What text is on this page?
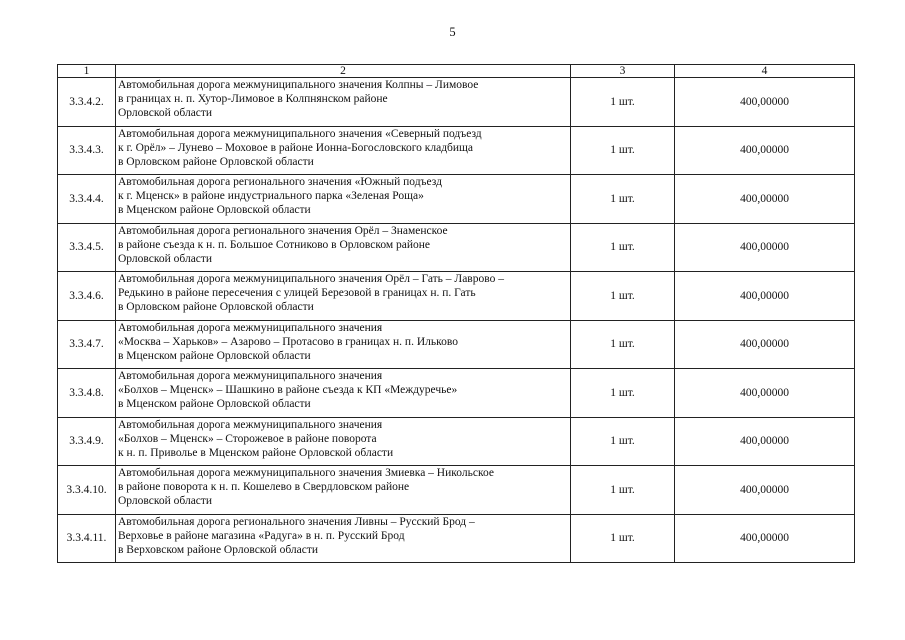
5
1	2	3	4
3.3.4.2.	Автомобильная дорога межмуниципального значения Колпны – Лимовое
в границах н. п. Хутор-Лимовое в Колпнянском районе
Орловской области	1 шт.	400,00000
3.3.4.3.	Автомобильная дорога межмуниципального значения «Северный подъезд
к г. Орёл» – Лунево – Моховое в районе Ионна-Богословского кладбища
в Орловском районе Орловской области	1 шт.	400,00000
3.3.4.4.	Автомобильная дорога регионального значения «Южный подъезд
к г. Мценск» в районе индустриального парка «Зеленая Роща»
в Мценском районе Орловской области	1 шт.	400,00000
3.3.4.5.	Автомобильная дорога регионального значения Орёл – Знаменское
в районе съезда к н. п. Большое Сотниково в Орловском районе
Орловской области	1 шт.	400,00000
3.3.4.6.	Автомобильная дорога межмуниципального значения Орёл – Гать – Лаврово –
Редькино в районе пересечения с улицей Березовой в границах н. п. Гать
в Орловском районе Орловской области	1 шт.	400,00000
3.3.4.7.	Автомобильная дорога межмуниципального значения
«Москва – Харьков» – Азарово – Протасово в границах н. п. Ильково
в Мценском районе Орловской области	1 шт.	400,00000
3.3.4.8.	Автомобильная дорога межмуниципального значения
«Болхов – Мценск» – Шашкино в районе съезда к КП «Междуречье»
в Мценском районе Орловской области	1 шт.	400,00000
3.3.4.9.	Автомобильная дорога межмуниципального значения
«Болхов – Мценск» – Сторожевое в районе поворота
к н. п. Приволье в Мценском районе Орловской области	1 шт.	400,00000
3.3.4.10.	Автомобильная дорога межмуниципального значения Змиевка – Никольское
в районе поворота к н. п. Кошелево в Свердловском районе
Орловской области	1 шт.	400,00000
3.3.4.11.	Автомобильная дорога регионального значения Ливны – Русский Брод –
Верховье в районе магазина «Радуга» в н. п. Русский Брод
в Верховском районе Орловской области	1 шт.	400,00000
